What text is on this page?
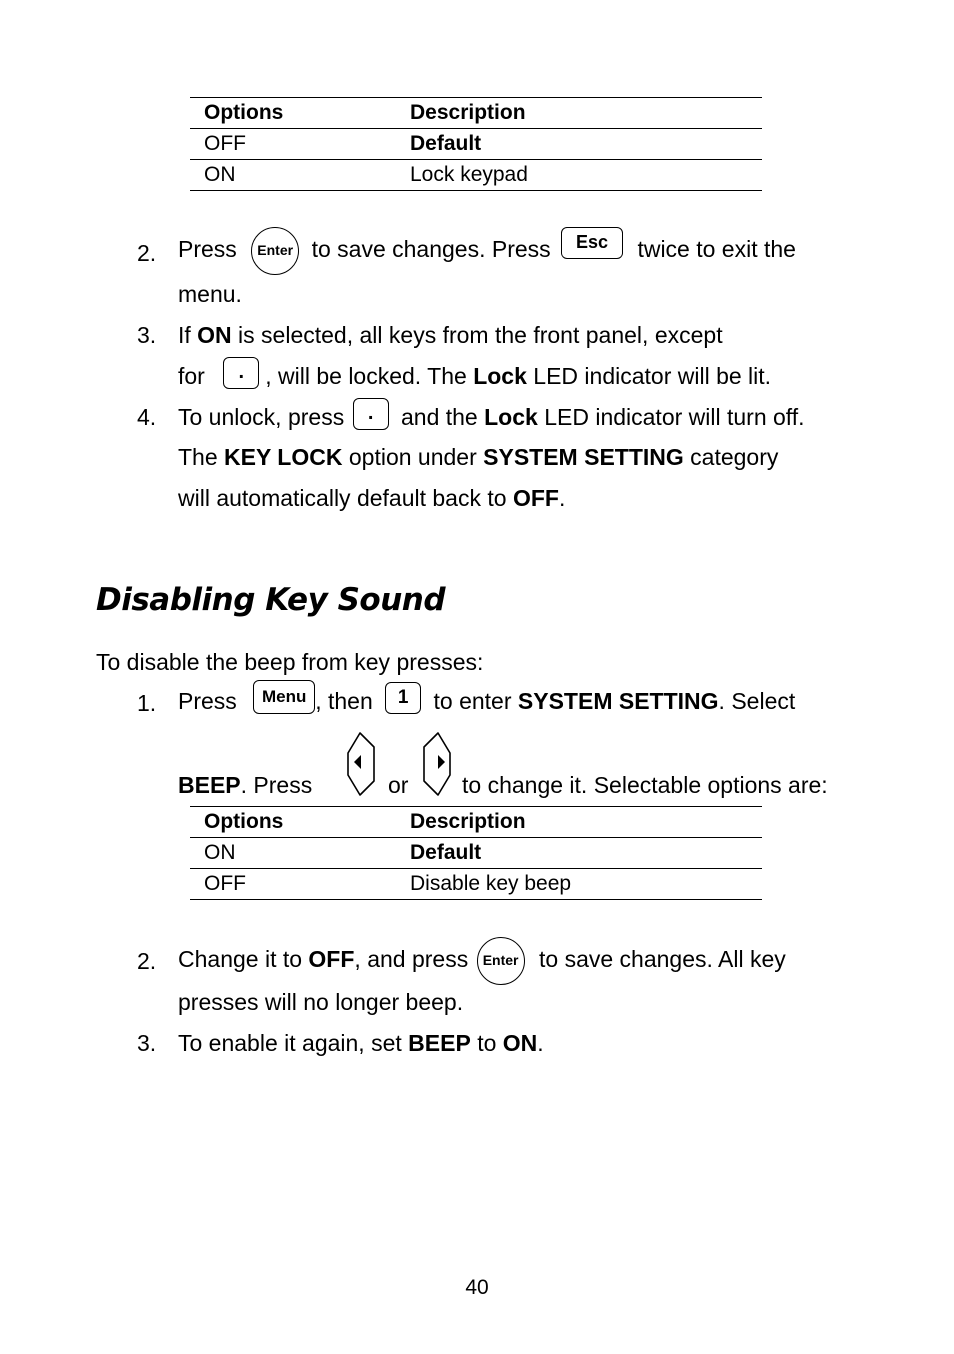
Options	Description
OFF	Default
ON	Lock keypad
2. Press Enter to save changes. Press Esc twice to exit the
menu.
3. If ON is selected, all keys from the front panel, except
for . , will be locked. The Lock LED indicator will be lit.
4. To unlock, press . and the Lock LED indicator will turn off.
The KEY LOCK option under SYSTEM SETTING category
will automatically default back to OFF.
Disabling Key Sound
To disable the beep from key presses:
1. Press Menu , then 1 to enter SYSTEM SETTING. Select
BEEP. Press	or to change it. Selectable options are:
Options	Description
ON	Default
OFF	Disable key beep
2. Change it to OFF, and press Enter to save changes. All key
presses will no longer beep.
3. To enable it again, set BEEP to ON.
40
